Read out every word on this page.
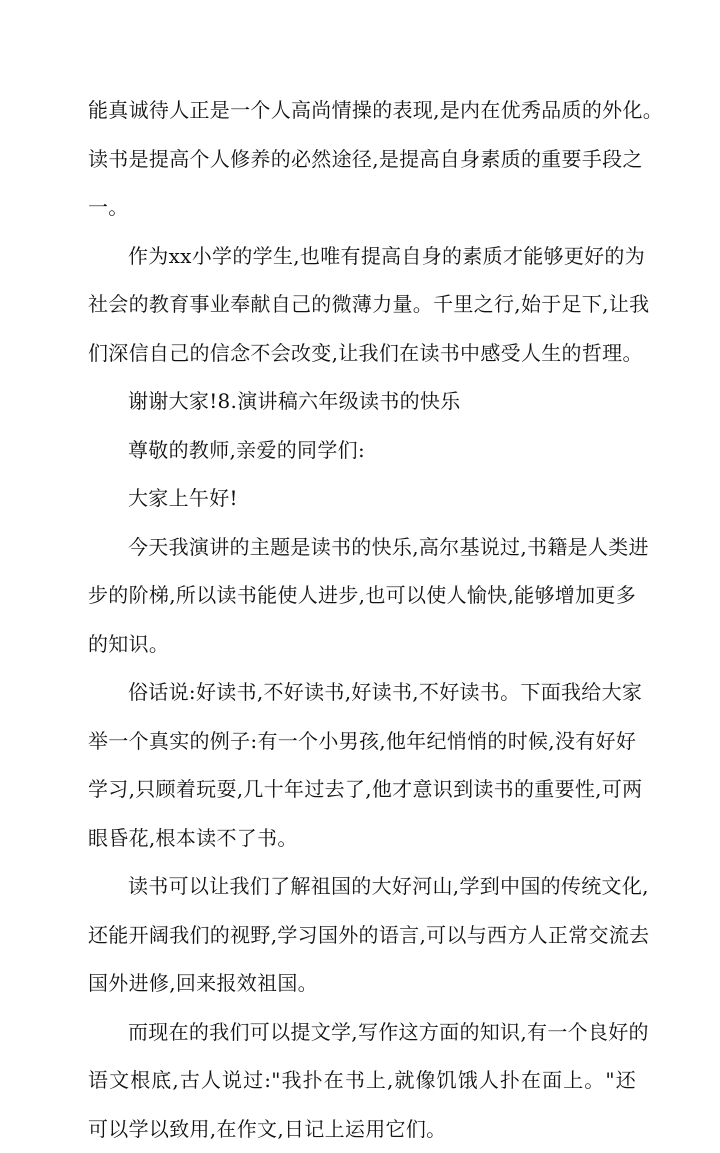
能真诚待人正是一个人高尚情操的表现,是内在优秀品质的外化。
读书是提高个人修养的必然途径,是提高自身素质的重要手段之
一。
作为xx小学的学生,也唯有提高自身的素质才能够更好的为
社会的教育事业奉献自己的微薄力量。千里之行,始于足下,让我
们深信自己的信念不会改变,让我们在读书中感受人生的哲理。
谢谢大家!8.演讲稿六年级读书的快乐
尊敬的教师,亲爱的同学们:
大家上午好!
今天我演讲的主题是读书的快乐,高尔基说过,书籍是人类进
步的阶梯,所以读书能使人进步,也可以使人愉快,能够增加更多
的知识。
俗话说:好读书,不好读书,好读书,不好读书。下面我给大家
举一个真实的例子:有一个小男孩,他年纪悄悄的时候,没有好好
学习,只顾着玩耍,几十年过去了,他才意识到读书的重要性,可两
眼昏花,根本读不了书。
读书可以让我们了解祖国的大好河山,学到中国的传统文化,
还能开阔我们的视野,学习国外的语言,可以与西方人正常交流去
国外进修,回来报效祖国。
而现在的我们可以提文学,写作这方面的知识,有一个良好的
语文根底,古人说过:"我扑在书上,就像饥饿人扑在面上。"还
可以学以致用,在作文,日记上运用它们。
